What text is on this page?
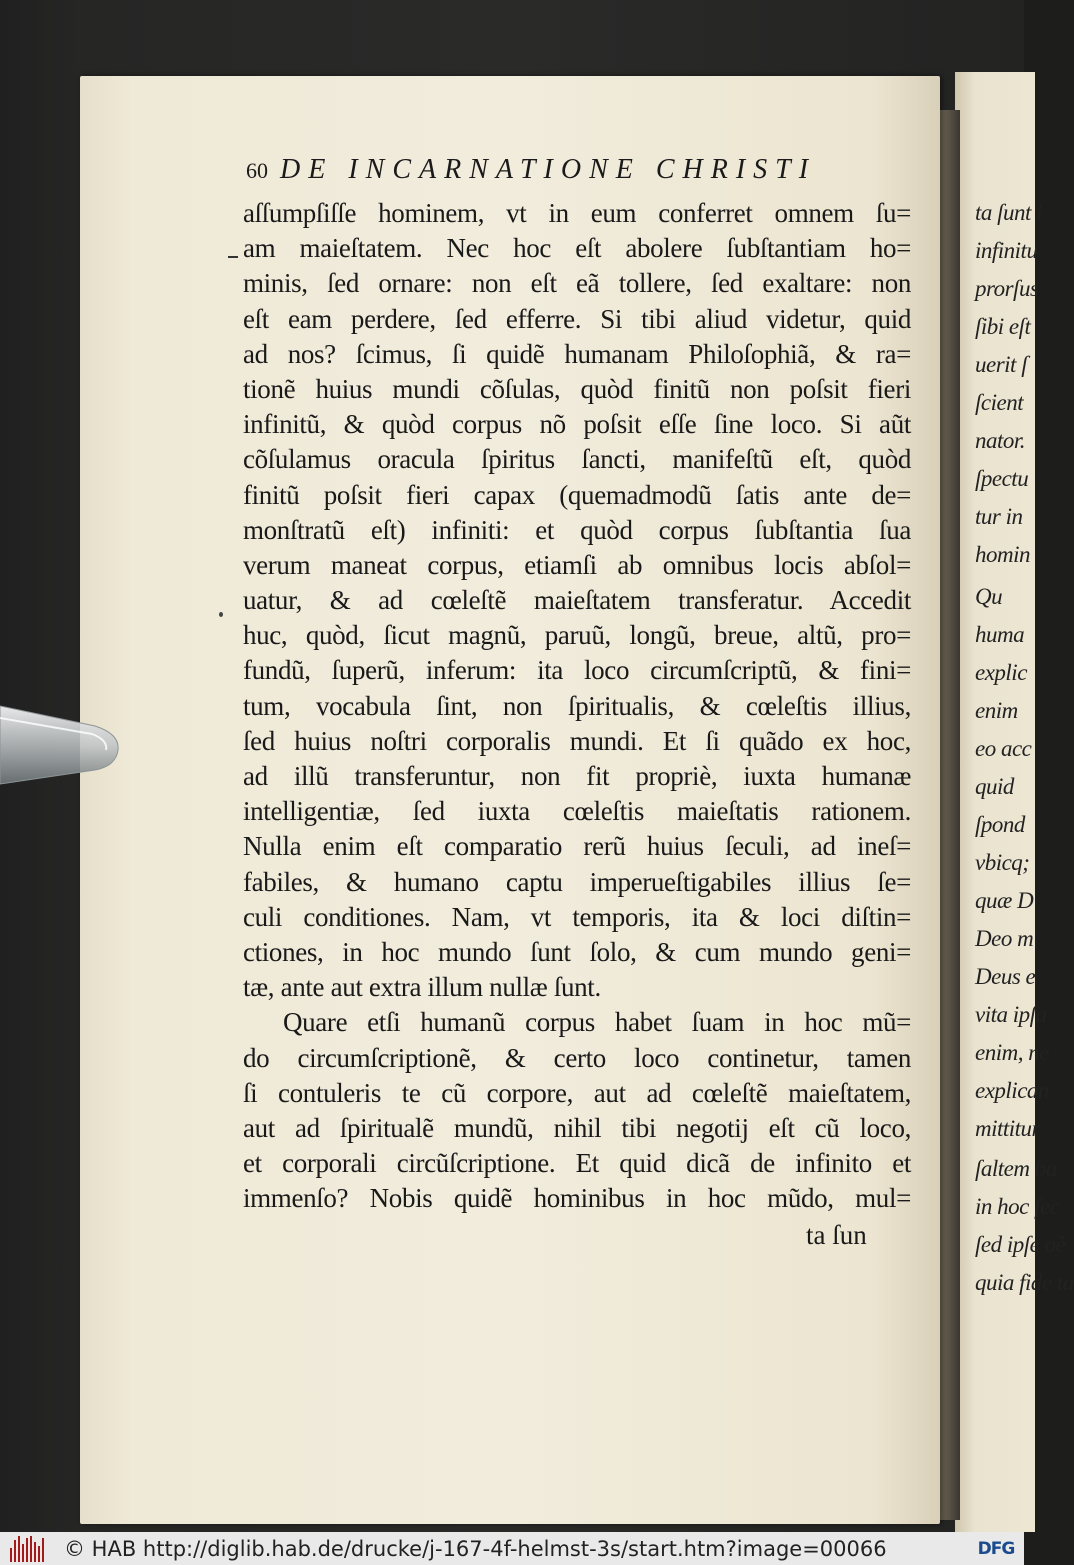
ta ſunt i
infinitu
prorſus
ſibi eſt
uerit ſ
ſcient
nator.
ſpectu
tur in
homin
Qu
huma
explic
enim
eo acc
quid
ſpond
vbicq;
quæ D
Deo m
Deus e
vita ipſa
enim, ne
explican
mittitur
ſaltem ba
in hoc ſec
ſed ipſe oẽ
quia fide ta
60 DE INCARNATIONE CHRISTI
aſſumpſiſſe hominem, vt in eum conferret omnem ſu=
am maieſtatem. Nec hoc eſt abolere ſubſtantiam ho=
minis, ſed ornare: non eſt eã tollere, ſed exaltare: non
eſt eam perdere, ſed efferre. Si tibi aliud videtur, quid
ad nos? ſcimus, ſi quidẽ humanam Philoſophiã, & ra=
tionẽ huius mundi cõſulas, quòd finitũ non poſsit fieri
infinitũ, & quòd corpus nõ poſsit eſſe ſine loco. Si aũt
cõſulamus oracula ſpiritus ſancti, manifeſtũ eſt, quòd
finitũ poſsit fieri capax (quemadmodũ ſatis ante de=
monſtratũ eſt) infiniti: et quòd corpus ſubſtantia ſua
verum maneat corpus, etiamſi ab omnibus locis abſol=
uatur, & ad cœleſtẽ maieſtatem transferatur. Accedit
huc, quòd, ſicut magnũ, paruũ, longũ, breue, altũ, pro=
fundũ, ſuperũ, inferum: ita loco circumſcriptũ, & fini=
tum, vocabula ſint, non ſpiritualis, & cœleſtis illius,
ſed huius noſtri corporalis mundi. Et ſi quãdo ex hoc,
ad illũ transferuntur, non fit propriè, iuxta humanæ
intelligentiæ, ſed iuxta cœleſtis maieſtatis rationem.
Nulla enim eſt comparatio rerũ huius ſeculi, ad ineſ=
fabiles, & humano captu imperueſtigabiles illius ſe=
culi conditiones. Nam, vt temporis, ita & loci diſtin=
ctiones, in hoc mundo ſunt ſolo, & cum mundo geni=
tæ, ante aut extra illum nullæ ſunt.
Quare etſi humanũ corpus habet ſuam in hoc mũ=
do circumſcriptionẽ, & certo loco continetur, tamen
ſi contuleris te cũ corpore, aut ad cœleſtẽ maieſtatem,
aut ad ſpiritualẽ mundũ, nihil tibi negotij eſt cũ loco,
et corporali circũſcriptione. Et quid dicã de infinito et
immenſo? Nobis quidẽ hominibus in hoc mũdo, mul=
ta ſun
© HAB http://diglib.hab.de/drucke/j-167-4f-helmst-3s/start.htm?image=00066	DFG
